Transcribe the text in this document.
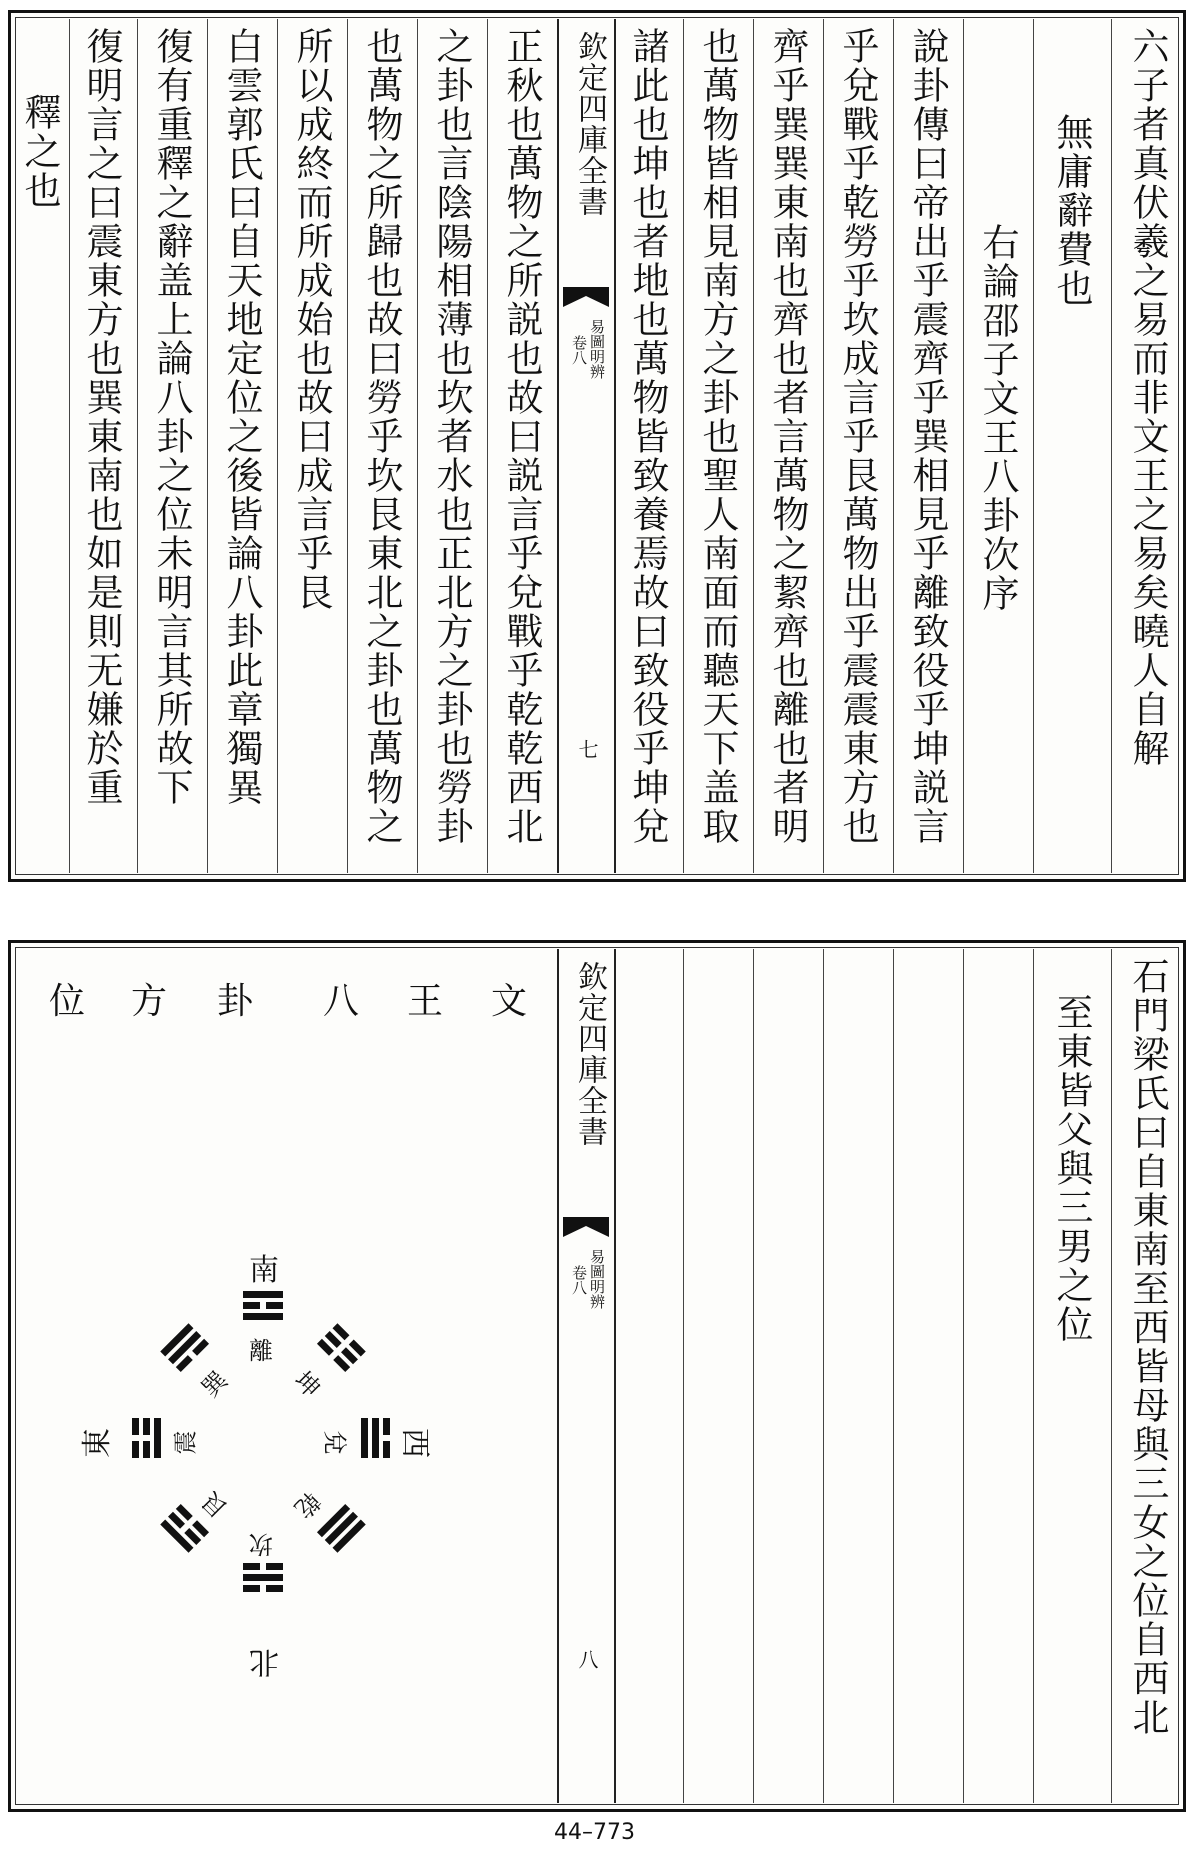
六子者真伏羲之易而非文王之易矣曉人自解
無庸辭費也
右論邵子文王八卦次序
說卦傳曰帝出乎震齊乎巽相見乎離致役乎坤説言
乎兌戰乎乾勞乎坎成言乎艮萬物出乎震震東方也
齊乎巽巽東南也齊也者言萬物之絜齊也離也者明
也萬物皆相見南方之卦也聖人南面而聽天下盖取
諸此也坤也者地也萬物皆致養焉故曰致役乎坤兌
欽定四庫全書
易圖明辨
卷八
七
正秋也萬物之所説也故曰説言乎兌戰乎乾乾西北
之卦也言陰陽相薄也坎者水也正北方之卦也勞卦
也萬物之所歸也故曰勞乎坎艮東北之卦也萬物之
所以成終而所成始也故曰成言乎艮
白雲郭氏曰自天地定位之後皆論八卦此章獨異
復有重釋之辭盖上論八卦之位未明言其所故下
復明言之曰震東方也巽東南也如是則无嫌於重
釋之也
石門梁氏曰自東南至西皆母與三女之位自西北
至東皆父與三男之位
欽定四庫全書
易圖明辨
卷八
八
文
王
八
卦
方
位
南
西
東
北
離
坤
兌
乾
坎
艮
震
巽
44–773
